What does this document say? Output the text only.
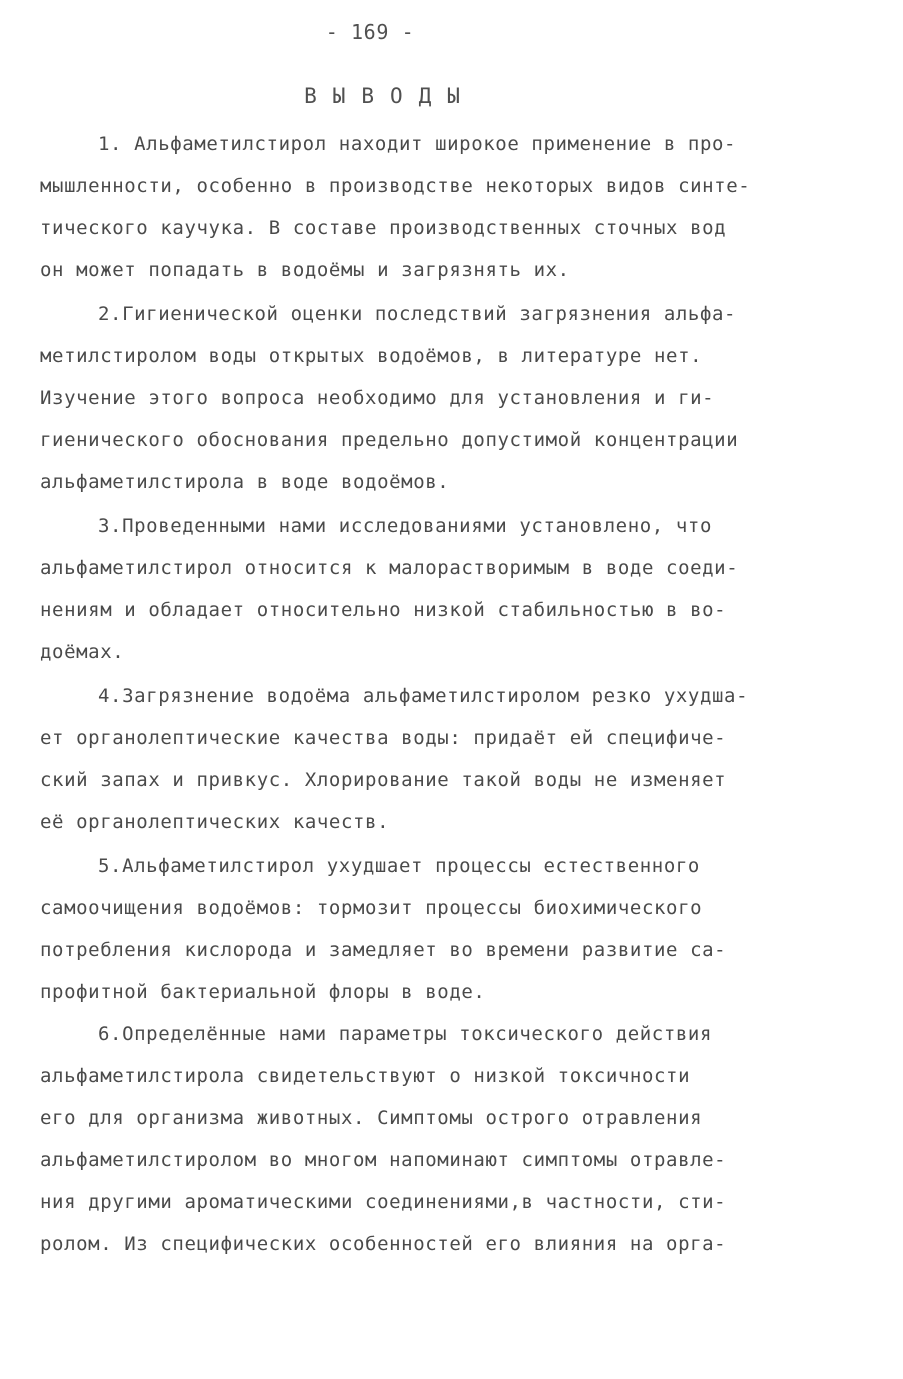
- 169 -
ВЫВОДЫ
1. Альфаметилстирол находит широкое применение в про-
мышленности, особенно в производстве некоторых видов синте-
тического каучука. В составе производственных сточных вод
он может попадать в водоёмы и загрязнять их.
2.Гигиенической оценки последствий загрязнения альфа-
метилстиролом воды открытых водоёмов, в литературе нет.
Изучение этого вопроса необходимо для установления и ги-
гиенического обоснования предельно допустимой концентрации
альфаметилстирола в воде водоёмов.
3.Проведенными нами исследованиями установлено, что
альфаметилстирол относится к малорастворимым в воде соеди-
нениям и обладает относительно низкой стабильностью в во-
доёмах.
4.Загрязнение водоёма альфаметилстиролом резко ухудша-
ет органолептические качества воды: придаёт ей специфиче-
ский запах и привкус. Хлорирование такой воды не изменяет
её органолептических качеств.
5.Альфаметилстирол ухудшает процессы естественного
самоочищения водоёмов: тормозит процессы биохимического
потребления кислорода и замедляет во времени развитие са-
профитной бактериальной флоры в воде.
6.Определённые нами параметры токсического действия
альфаметилстирола свидетельствуют о низкой токсичности
его для организма животных. Симптомы острого отравления
альфаметилстиролом во многом напоминают симптомы отравле-
ния другими ароматическими соединениями,в частности, сти-
ролом. Из специфических особенностей его влияния на орга-
